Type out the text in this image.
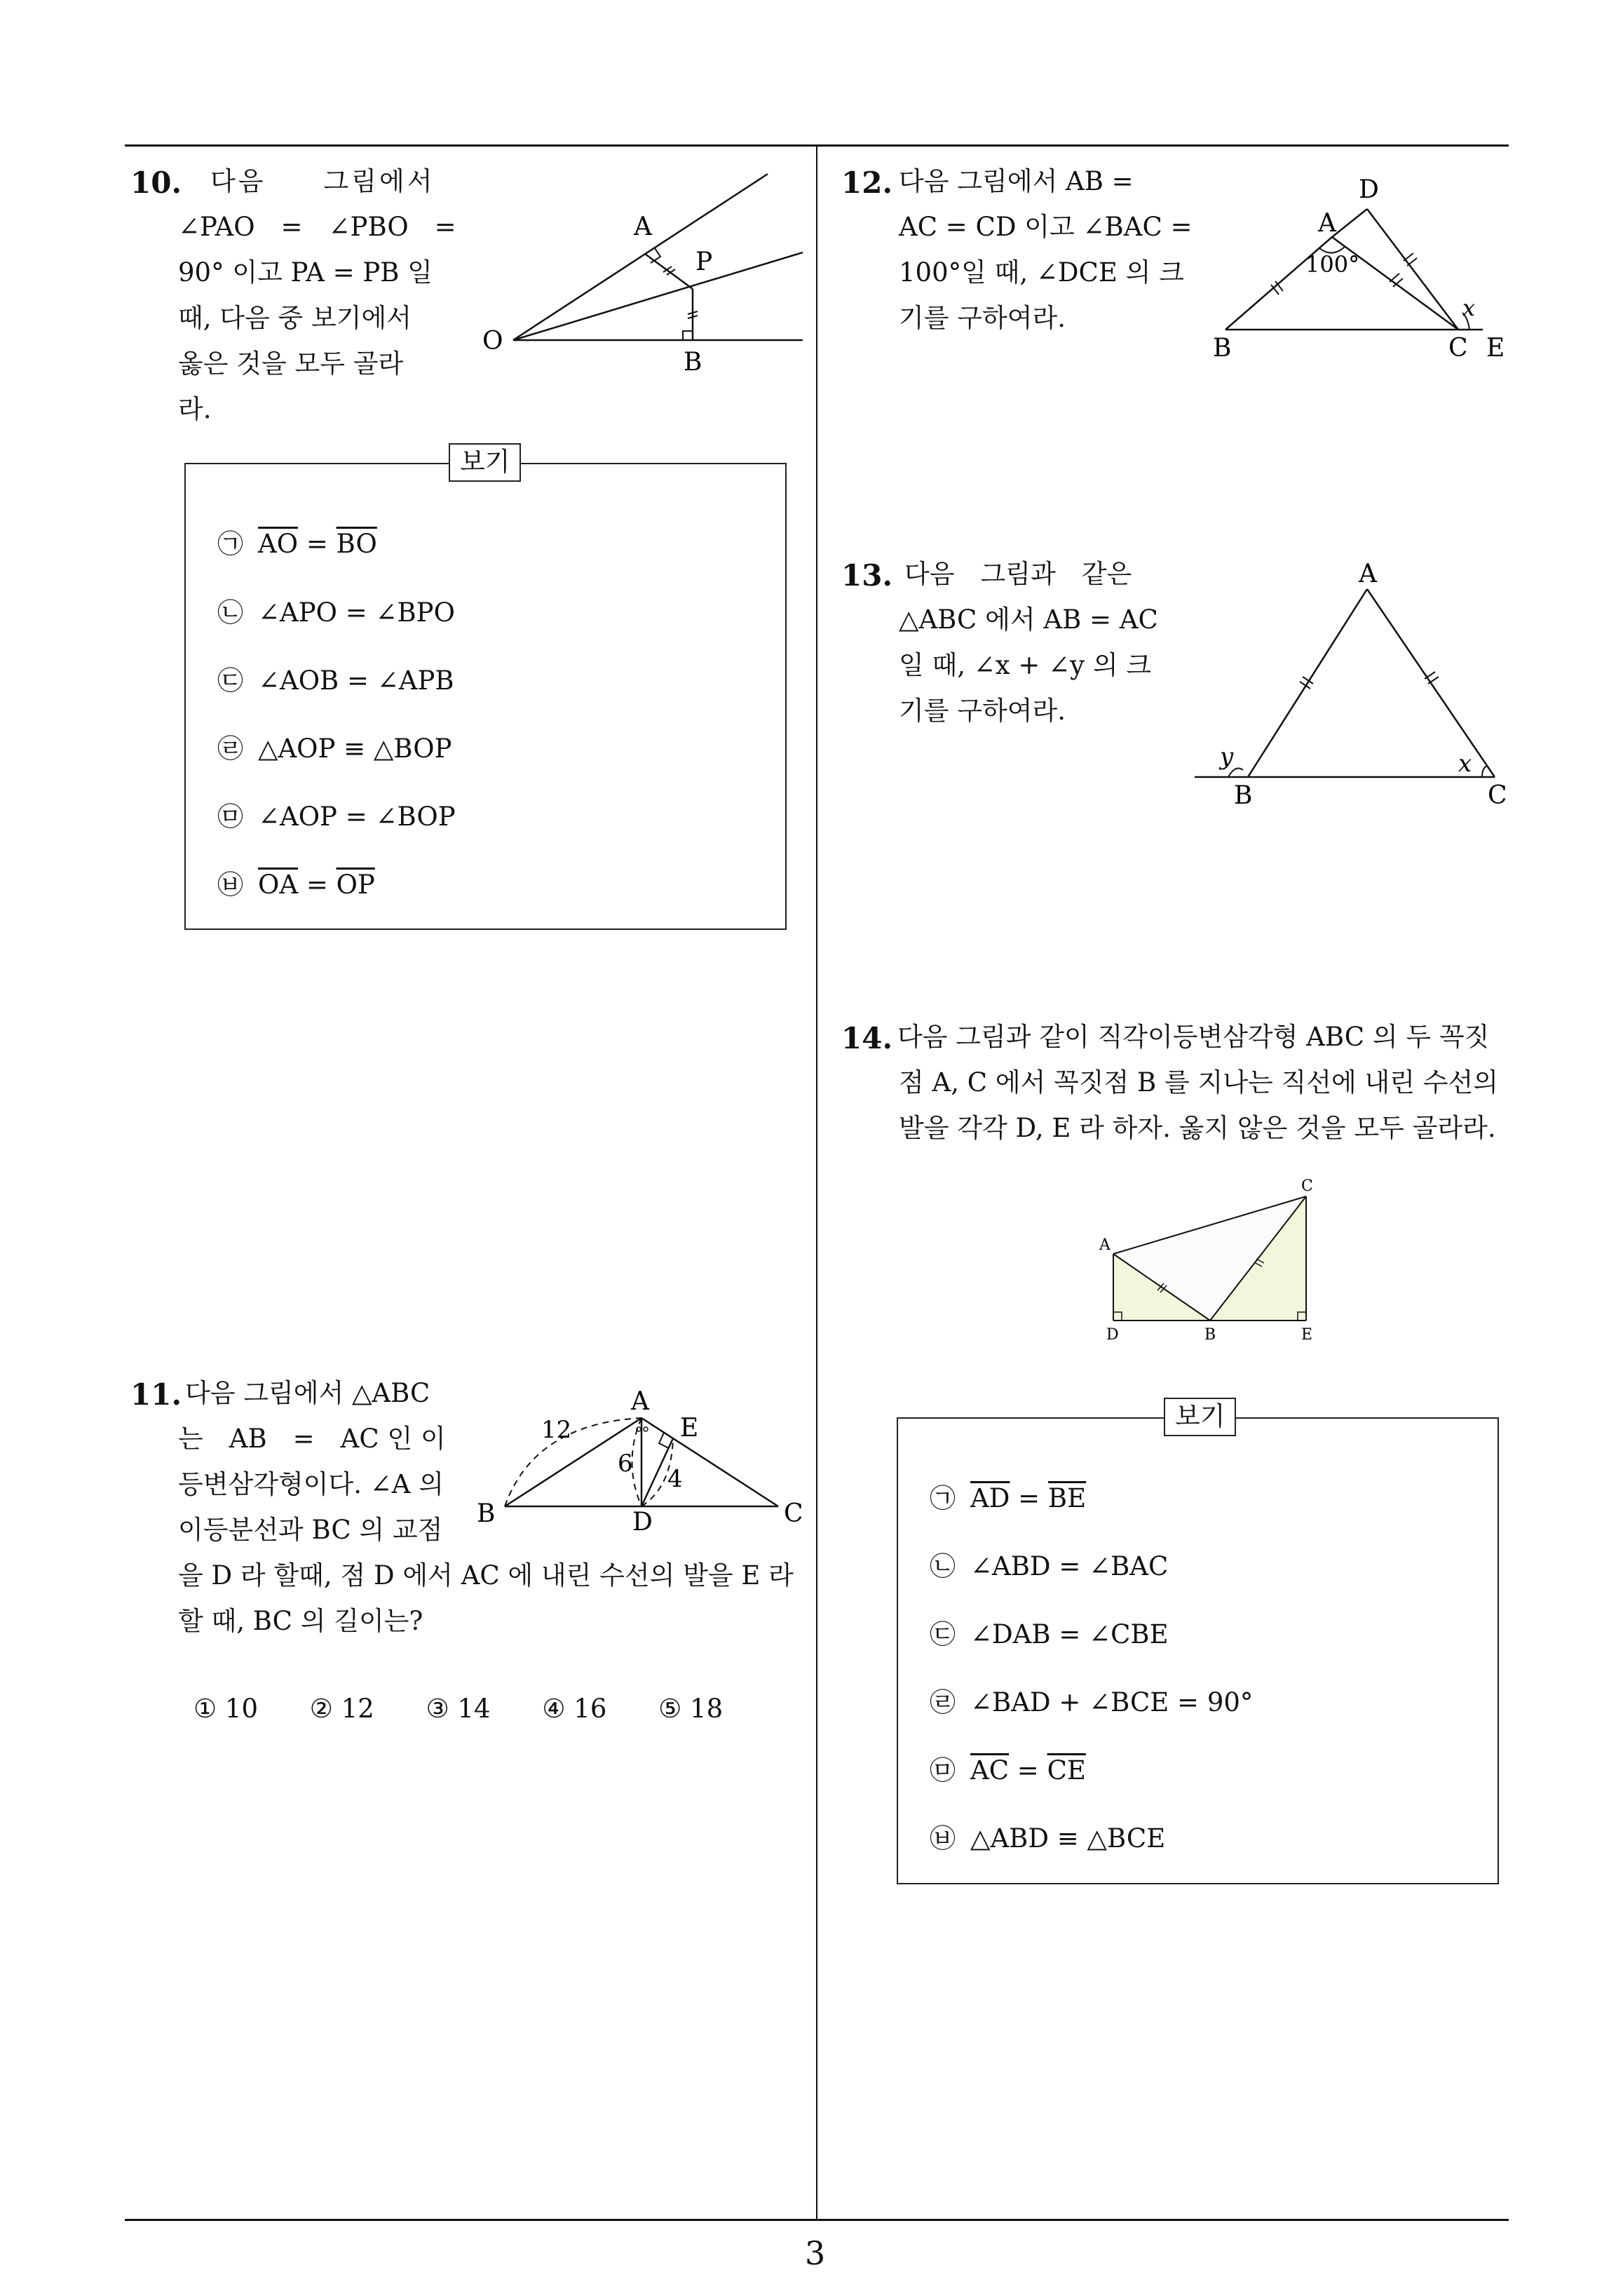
10. 다음　　그림에서
∠PAO　=　∠PBO　=
90° 이고 PA = PB 일
때, 다음 중 보기에서
옳은 것을 모두 골라
라.
O
A
P
B
보기
㉠ $\overline{AO} = \overline{BO}$
㉡ ∠APO = ∠BPO
㉢ ∠AOB = ∠APB
㉣ △AOP ≡ △BOP
㉤ ∠AOP = ∠BOP
㉥ $\overline{OA} = \overline{OP}$
11. 다음 그림에서 △ABC
는　AB　=　AC 인 이
등변삼각형이다. ∠A 의
이등분선과 BC 의 교점
을 D 라 할때, 점 D 에서 AC 에 내린 수선의 발을 E 라
할 때, BC 의 길이는?
A
B	C
D
E
12
6
4
① 10 ② 12 ③ 14 ④ 16 ⑤ 18
12. 다음 그림에서 AB =
AC = CD 이고 ∠BAC =
100°일 때, ∠DCE 의 크
기를 구하여라.
D
A
100°
x
B	C E
13. 다음　그림과　같은
△ABC 에서 AB = AC
일 때, ∠x + ∠y 의 크
기를 구하여라.
A
y	x
B	C
14. 다음 그림과 같이 직각이등변삼각형 ABC 의 두 꼭짓
점 A, C 에서 꼭짓점 B 를 지나는 직선에 내린 수선의
발을 각각 D, E 라 하자. 옳지 않은 것을 모두 골라라.
A
C
D	B	E
보기
㉠ $\overline{AD} = \overline{BE}$
㉡ ∠ABD = ∠BAC
㉢ ∠DAB = ∠CBE
㉣ ∠BAD + ∠BCE = 90°
㉤ $\overline{AC} = \overline{CE}$
㉥ △ABD ≡ △BCE
3
